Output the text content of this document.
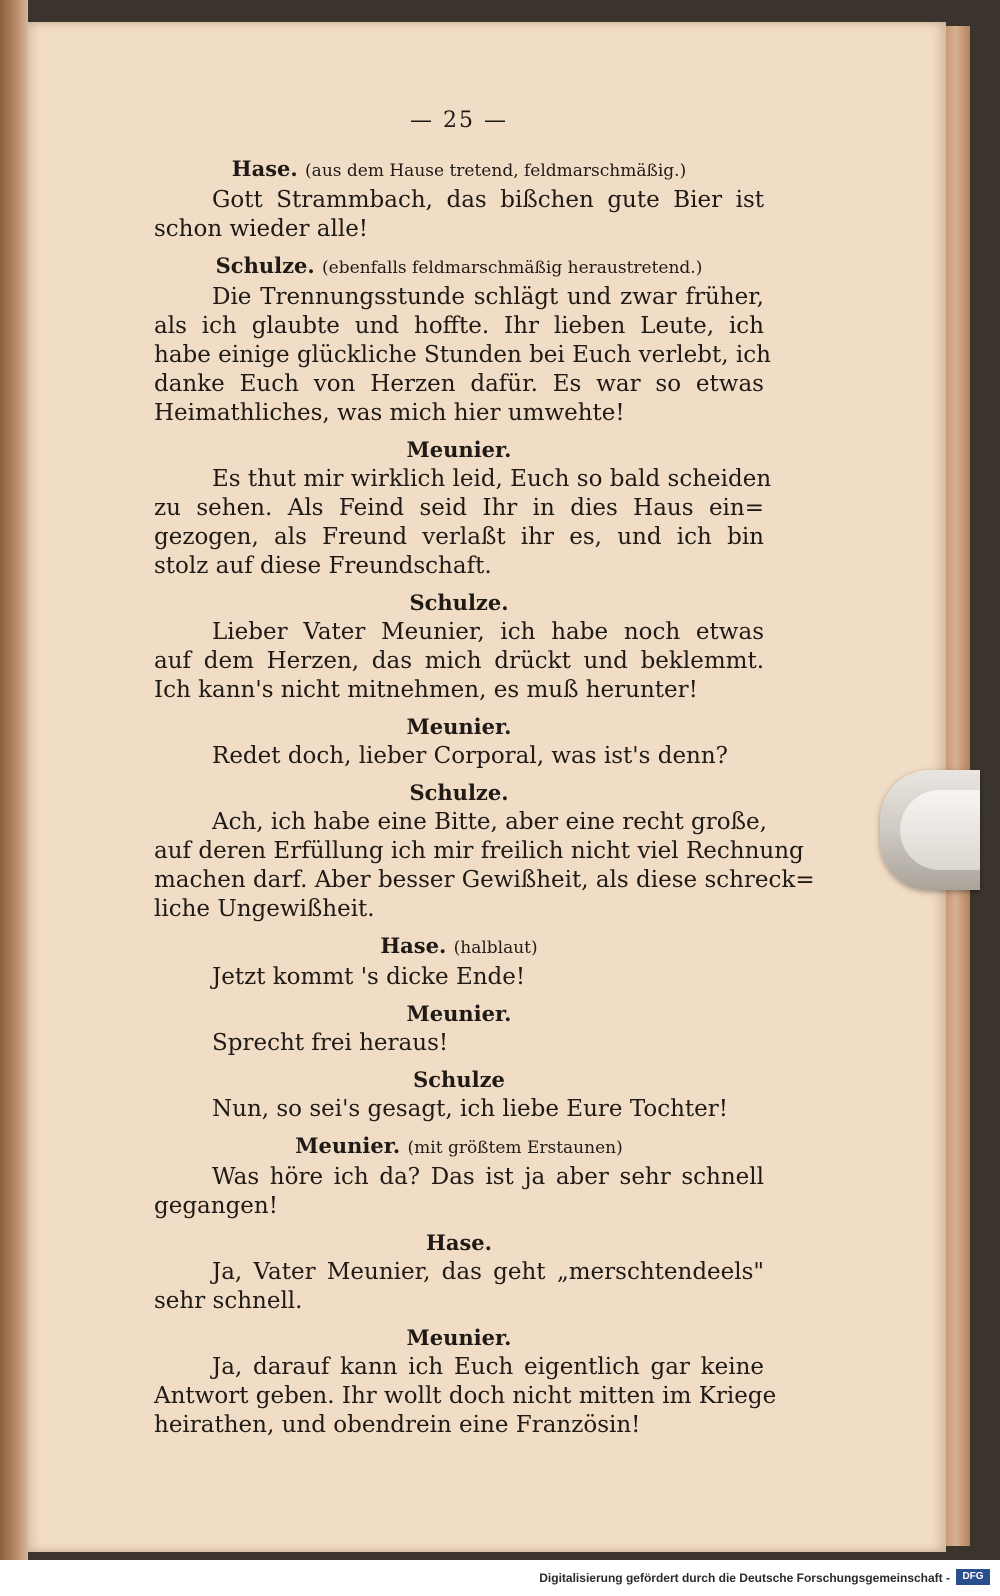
— 25 —
Hase. (aus dem Hause tretend, feldmarschmäßig.)
Gott Strammbach, das bißchen gute Bier ist
schon wieder alle!
Schulze. (ebenfalls feldmarschmäßig heraustretend.)
Die Trennungsstunde schlägt und zwar früher,
als ich glaubte und hoffte. Ihr lieben Leute, ich
habe einige glückliche Stunden bei Euch verlebt, ich
danke Euch von Herzen dafür. Es war so etwas
Heimathliches, was mich hier umwehte!
Meunier.
Es thut mir wirklich leid, Euch so bald scheiden
zu sehen. Als Feind seid Ihr in dies Haus ein=
gezogen, als Freund verlaßt ihr es, und ich bin
stolz auf diese Freundschaft.
Schulze.
Lieber Vater Meunier, ich habe noch etwas
auf dem Herzen, das mich drückt und beklemmt.
Ich kann's nicht mitnehmen, es muß herunter!
Meunier.
Redet doch, lieber Corporal, was ist's denn?
Schulze.
Ach, ich habe eine Bitte, aber eine recht große,
auf deren Erfüllung ich mir freilich nicht viel Rechnung
machen darf. Aber besser Gewißheit, als diese schreck=
liche Ungewißheit.
Hase. (halblaut)
Jetzt kommt 's dicke Ende!
Meunier.
Sprecht frei heraus!
Schulze
Nun, so sei's gesagt, ich liebe Eure Tochter!
Meunier. (mit größtem Erstaunen)
Was höre ich da? Das ist ja aber sehr schnell
gegangen!
Hase.
Ja, Vater Meunier, das geht „merschtendeels"
sehr schnell.
Meunier.
Ja, darauf kann ich Euch eigentlich gar keine
Antwort geben. Ihr wollt doch nicht mitten im Kriege
heirathen, und obendrein eine Französin!
Digitalisierung gefördert durch die Deutsche Forschungsgemeinschaft -	DFG
